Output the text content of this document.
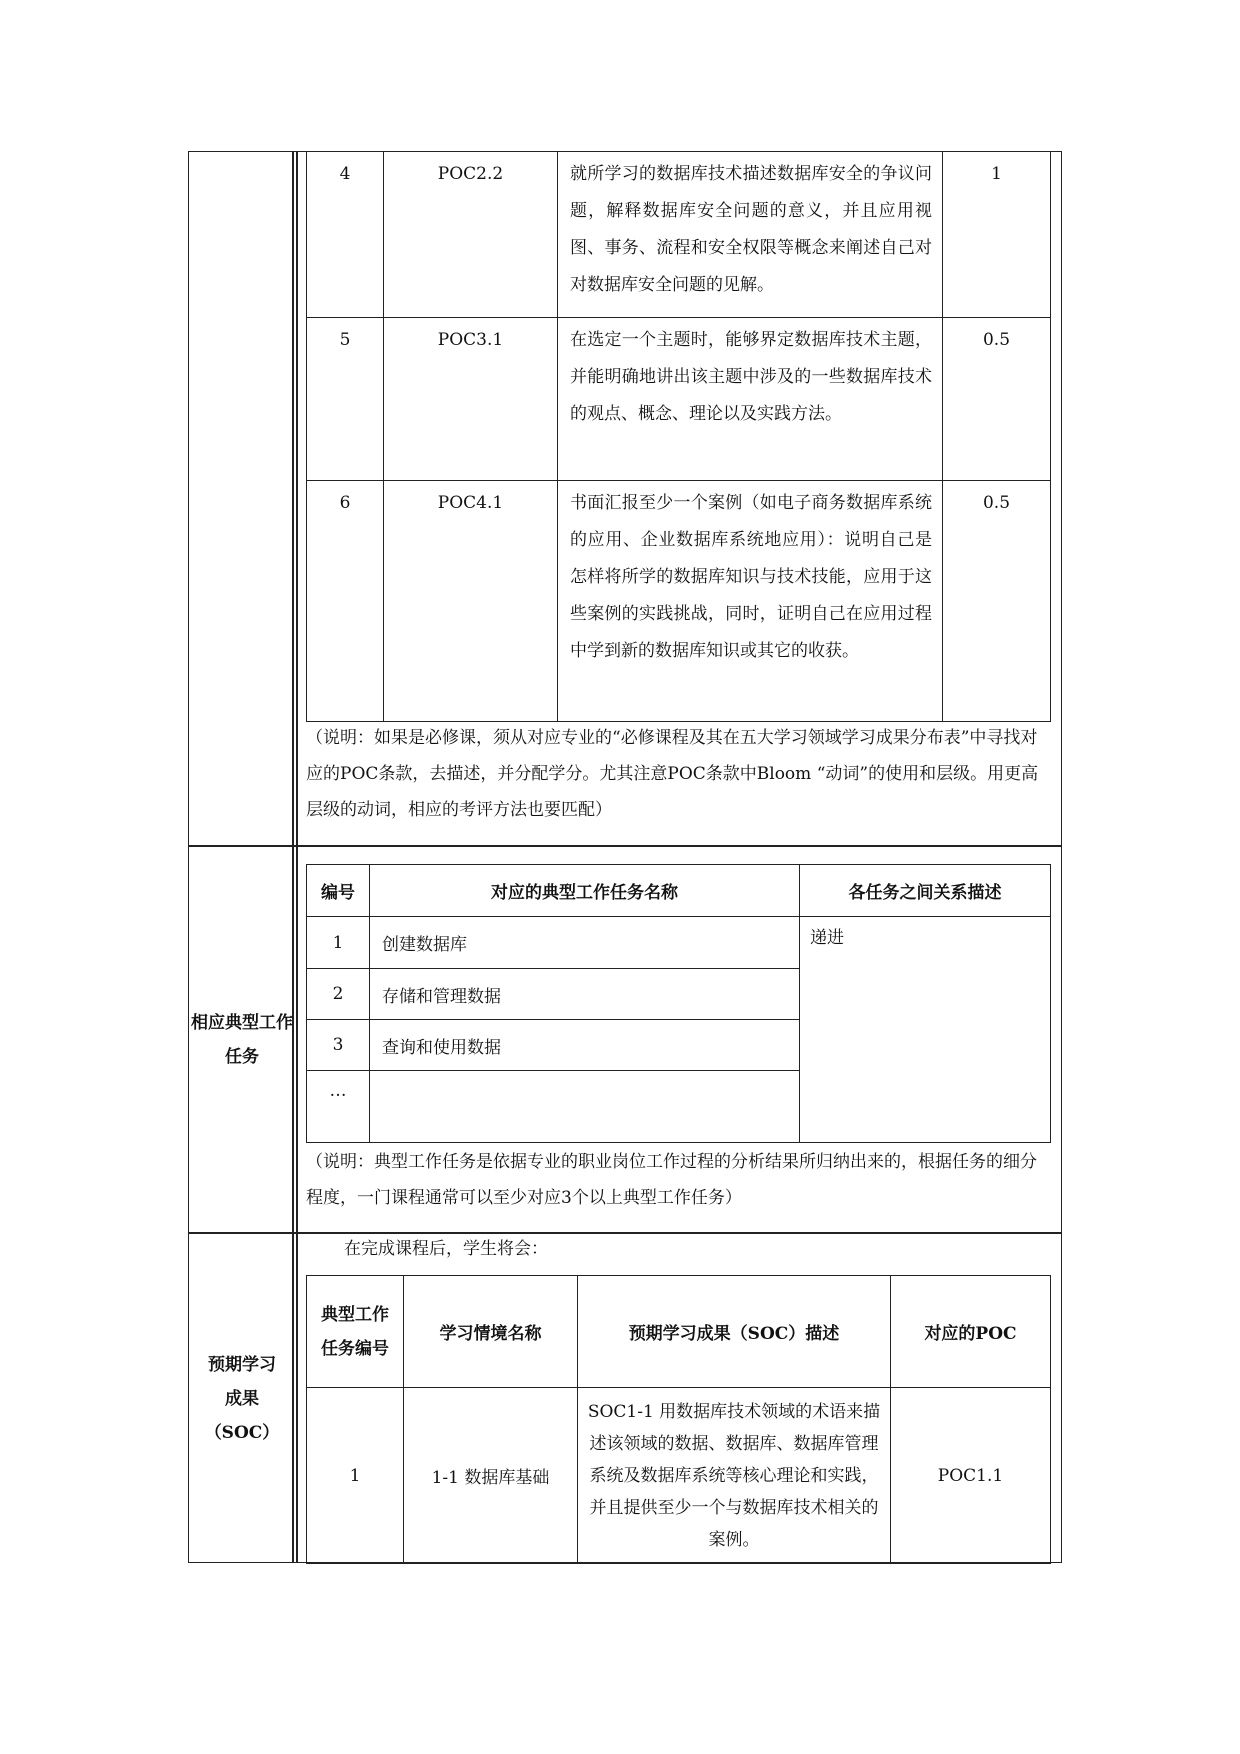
4	POC2.2	就所学习的数据库技术描述数据库安全的争议问题，解释数据库安全问题的意义，并且应用视图、事务、流程和安全权限等概念来阐述自己对对数据库安全问题的见解。	1
5	POC3.1	在选定一个主题时，能够界定数据库技术主题，并能明确地讲出该主题中涉及的一些数据库技术的观点、概念、理论以及实践方法。	0.5
6	POC4.1	书面汇报至少一个案例（如电子商务数据库系统的应用、企业数据库系统地应用）：说明自己是怎样将所学的数据库知识与技术技能，应用于这些案例的实践挑战，同时，证明自己在应用过程中学到新的数据库知识或其它的收获。	0.5
（说明：如果是必修课，须从对应专业的“必修课程及其在五大学习领域学习成果分布表”中寻找对应的POC条款，去描述，并分配学分。尤其注意POC条款中Bloom “动词”的使用和层级。用更高层级的动词，相应的考评方法也要匹配）
相应典型工作任务
编号	对应的典型工作任务名称	各任务之间关系描述
1	创建数据库	递进
2	存储和管理数据	
3	查询和使用数据	
…		
（说明：典型工作任务是依据专业的职业岗位工作过程的分析结果所归纳出来的，根据任务的细分程度，一门课程通常可以至少对应3个以上典型工作任务）
预期学习成果（SOC）
在完成课程后，学生将会：
典型工作任务编号	学习情境名称	预期学习成果（SOC）描述	对应的POC
1	1-1 数据库基础	SOC1-1 用数据库技术领域的术语来描述该领域的数据、数据库、数据库管理系统及数据库系统等核心理论和实践，并且提供至少一个与数据库技术相关的案例。	POC1.1
